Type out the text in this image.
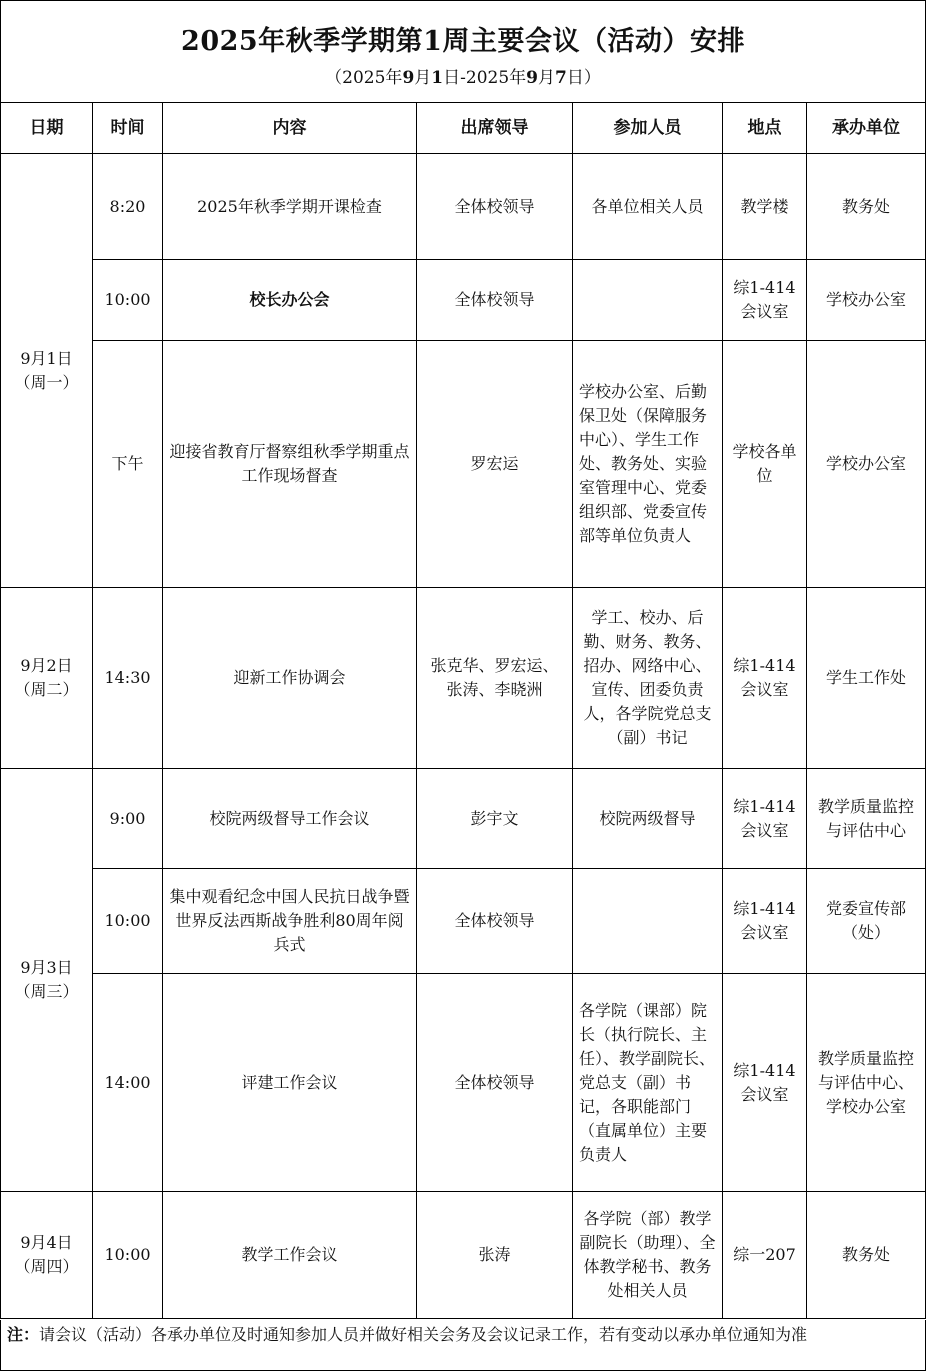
2025年秋季学期第1周主要会议（活动）安排
（2025年9月1日-2025年9月7日）
日期	时间	内容	出席领导	参加人员	地点	承办单位

9月1日
（周一）	8:20	2025年秋季学期开课检查	全体校领导	各单位相关人员	教学楼	教务处
	10:00	校长办公会	全体校领导		综1-414会议室	学校办公室
	下午	迎接省教育厅督察组秋季学期重点工作现场督查	罗宏运	学校办公室、后勤保卫处（保障服务中心）、学生工作处、教务处、实验室管理中心、党委组织部、党委宣传部等单位负责人	学校各单位	学校办公室

9月2日
（周二）	14:30	迎新工作协调会	张克华、罗宏运、张涛、李晓洲	学工、校办、后勤、财务、教务、招办、网络中心、宣传、团委负责人，各学院党总支（副）书记	综1-414会议室	学生工作处

9月3日
（周三）	9:00	校院两级督导工作会议	彭宇文	校院两级督导	综1-414会议室	教学质量监控与评估中心
	10:00	集中观看纪念中国人民抗日战争暨世界反法西斯战争胜利80周年阅兵式	全体校领导		综1-414会议室	党委宣传部（处）
	14:00	评建工作会议	全体校领导	各学院（课部）院长（执行院长、主任）、教学副院长、党总支（副）书记，各职能部门（直属单位）主要负责人	综1-414会议室	教学质量监控与评估中心、学校办公室

9月4日
（周四）	10:00	教学工作会议	张涛	各学院（部）教学副院长（助理）、全体教学秘书、教务处相关人员	综一207	教务处
注：请会议（活动）各承办单位及时通知参加人员并做好相关会务及会议记录工作，若有变动以承办单位通知为准
